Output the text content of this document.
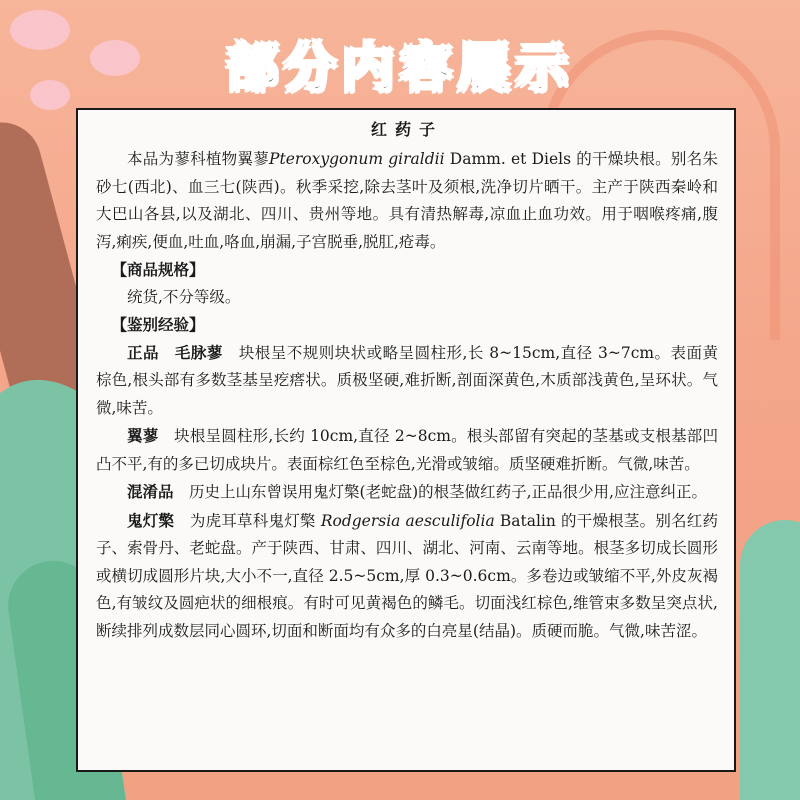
部分内容展示
红药子

本品为蓼科植物翼蓼Pteroxygonum giraldii Damm. et Diels 的干燥块根。别名朱砂七(西北)、血三七(陕西)。秋季采挖,除去茎叶及须根,洗净切片晒干。主产于陕西秦岭和大巴山各县,以及湖北、四川、贵州等地。具有清热解毒,凉血止血功效。用于咽喉疼痛,腹泻,痢疾,便血,吐血,咯血,崩漏,子宫脱垂,脱肛,疮毒。

【商品规格】

统货,不分等级。

【鉴别经验】

正品　毛脉蓼　块根呈不规则块状或略呈圆柱形,长 8~15cm,直径 3~7cm。表面黄棕色,根头部有多数茎基呈疙瘩状。质极坚硬,难折断,剖面深黄色,木质部浅黄色,呈环状。气微,味苦。

翼蓼　块根呈圆柱形,长约 10cm,直径 2~8cm。根头部留有突起的茎基或支根基部凹凸不平,有的多已切成块片。表面棕红色至棕色,光滑或皱缩。质坚硬难折断。气微,味苦。

混淆品　历史上山东曾误用鬼灯檠(老蛇盘)的根茎做红药子,正品很少用,应注意纠正。

鬼灯檠　为虎耳草科鬼灯檠 Rodgersia aesculifolia Batalin 的干燥根茎。别名红药子、索骨丹、老蛇盘。产于陕西、甘肃、四川、湖北、河南、云南等地。根茎多切成长圆形或横切成圆形片块,大小不一,直径 2.5~5cm,厚 0.3~0.6cm。多卷边或皱缩不平,外皮灰褐色,有皱纹及圆疤状的细根痕。有时可见黄褐色的鳞毛。切面浅红棕色,维管束多数呈突点状,断续排列成数层同心圆环,切面和断面均有众多的白亮星(结晶)。质硬而脆。气微,味苦涩。
